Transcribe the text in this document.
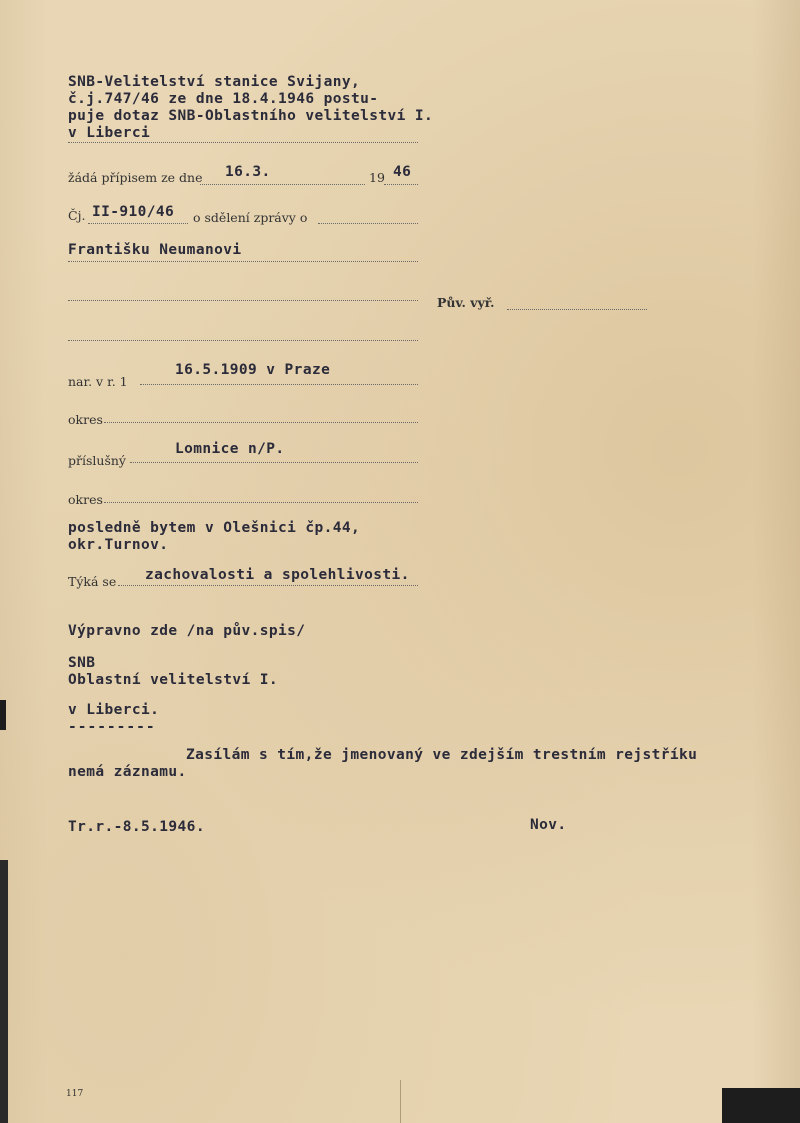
SNB-Velitelství stanice Svijany,
č.j.747/46 ze dne 18.4.1946 postu-
puje dotaz SNB-Oblastního velitelství I.
v Liberci
žádá přípisem ze dne 16.3.	19 46
Čj. II-910/46 o sdělení zprávy o
Františku Neumanovi
Pův. vyř.
16.5.1909 v Praze
nar. v r. 1
okres
Lomnice n/P.
příslušný
okres
posledně bytem v Olešnici čp.44,
okr.Turnov.
zachovalosti a spolehlivosti.
Týká se
Výpravno zde /na pův.spis/
SNB
Oblastní velitelství I.
v Liberci.
---------
Zasílám s tím,že jmenovaný ve zdejším trestním rejstříku
nemá záznamu.
Tr.r.-8.5.1946.	Nov.
117
